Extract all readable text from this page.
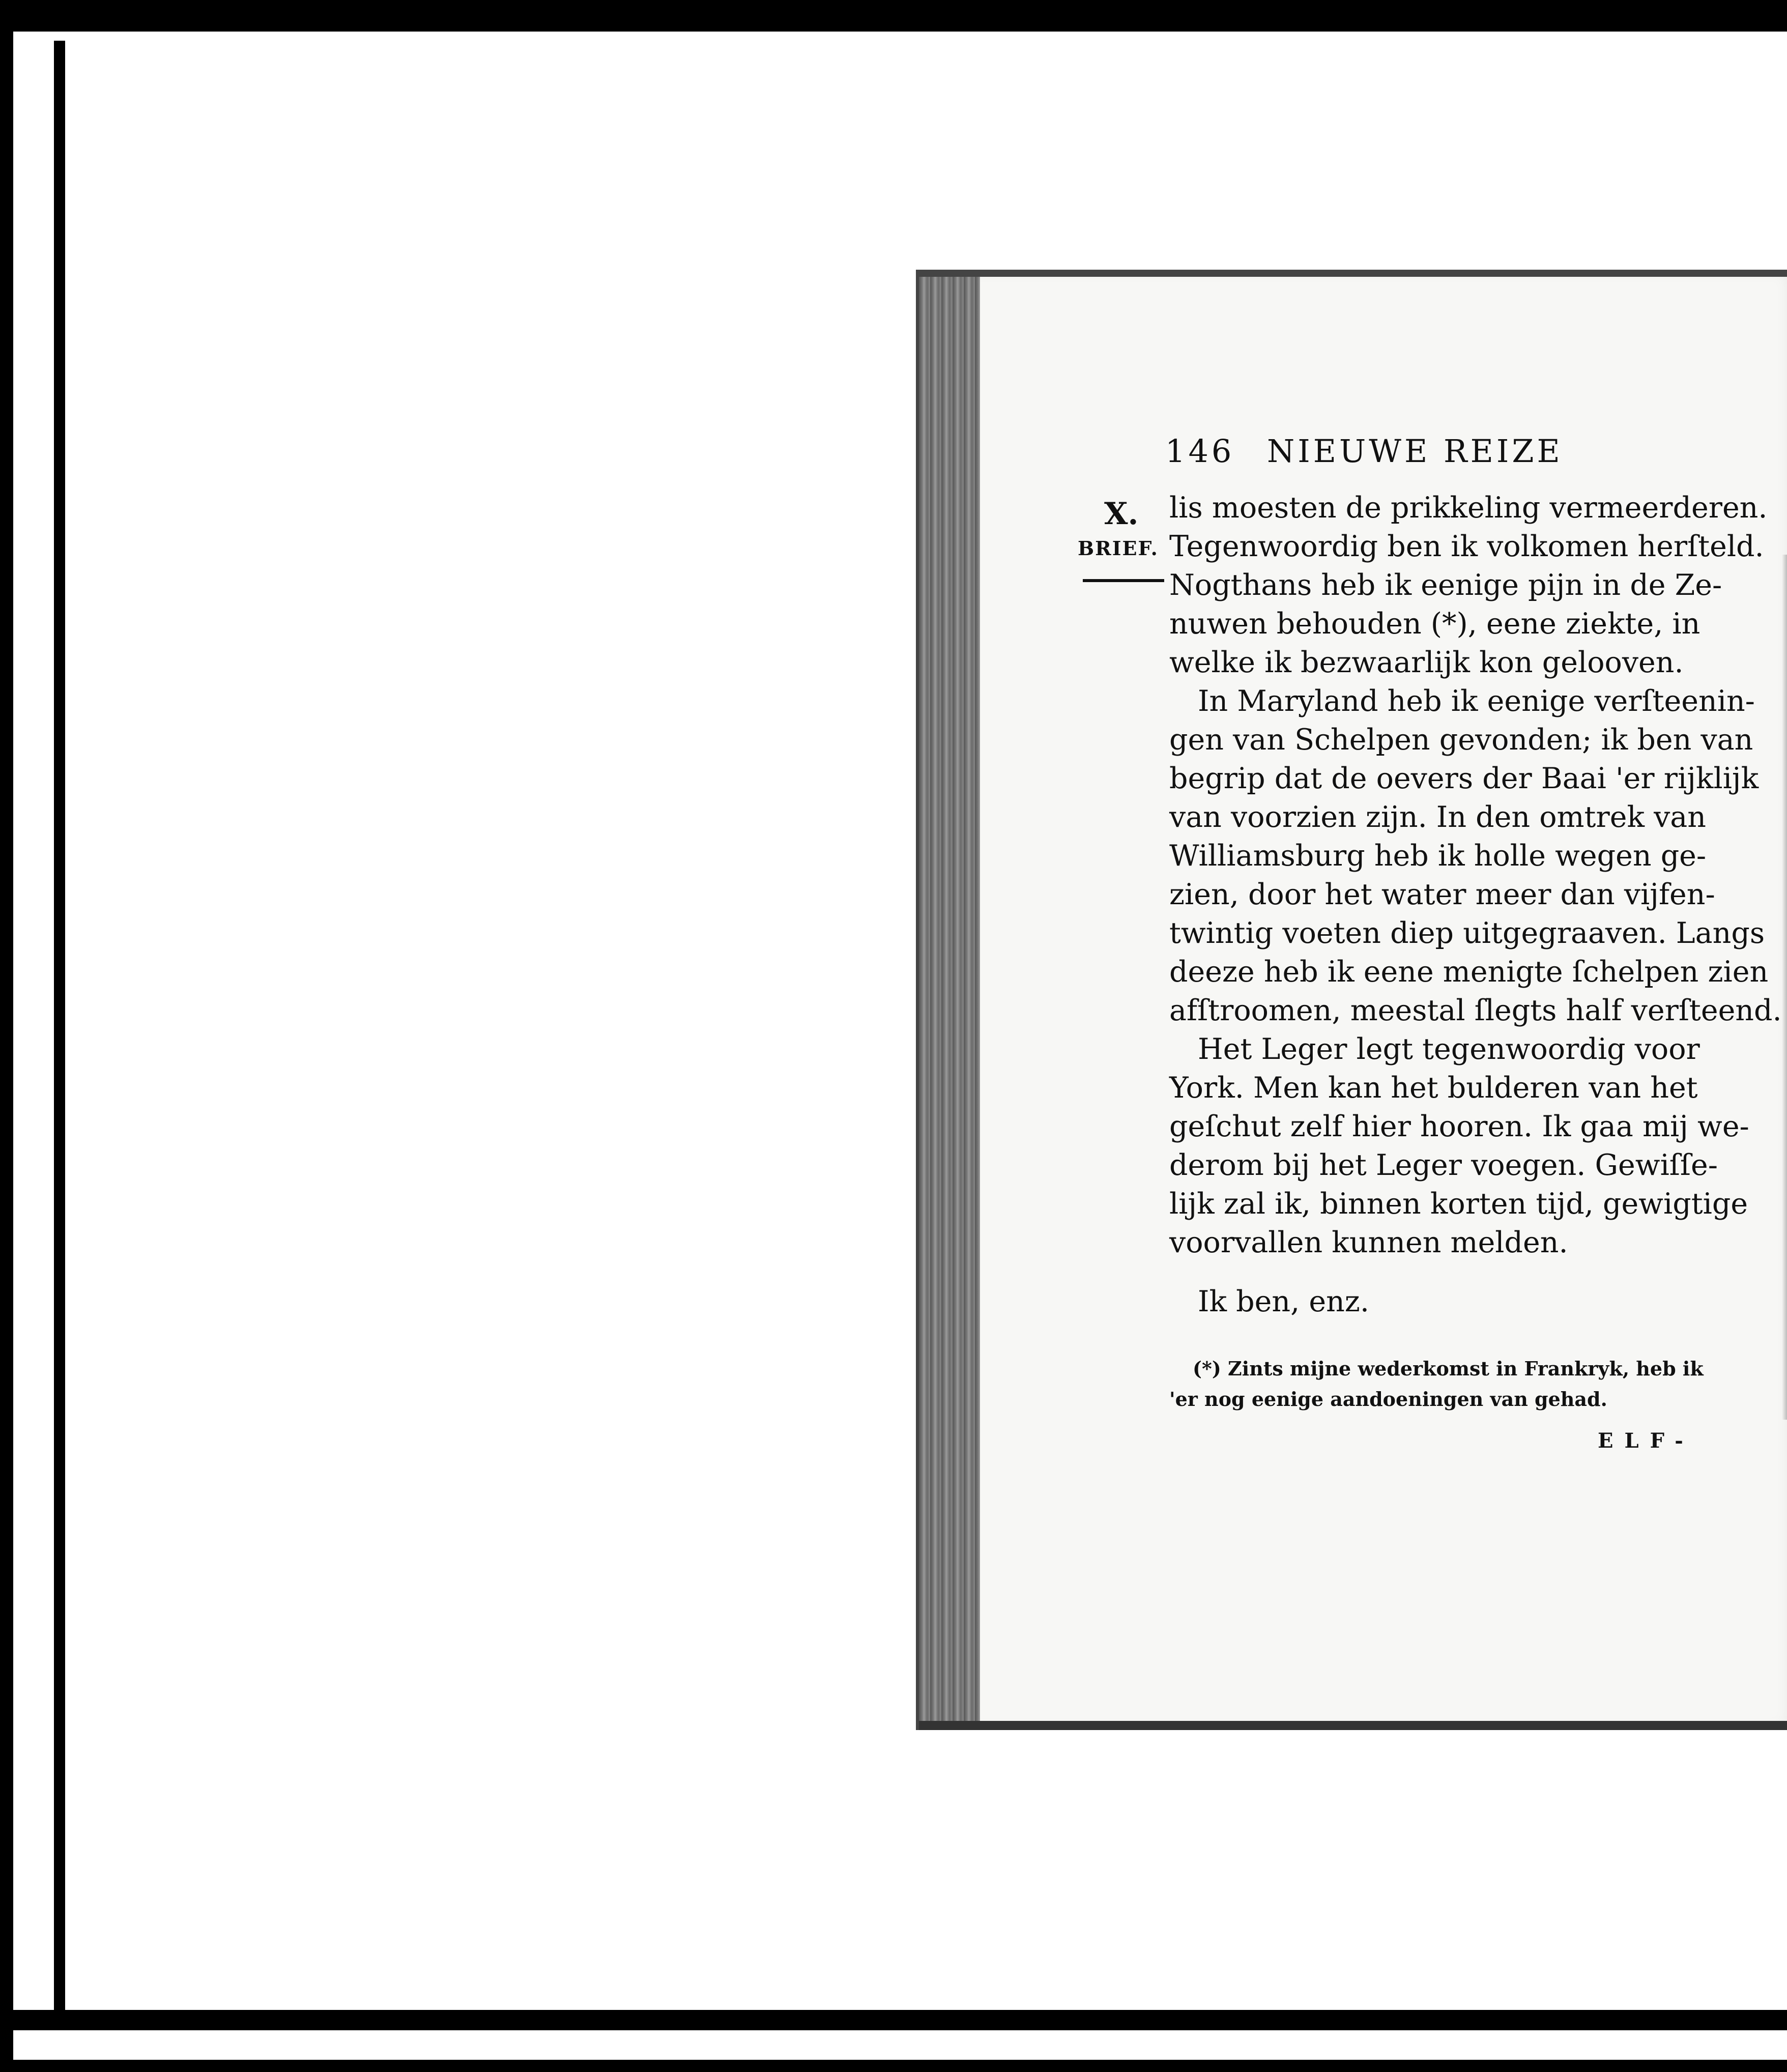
146 NIEUWE REIZE
X.
BRIEF.
lis moesten de prikkeling vermeerderen.
Tegenwoordig ben ik volkomen herſteld.
Nogthans heb ik eenige pijn in de Ze-
nuwen behouden (*), eene ziekte, in
welke ik bezwaarlijk kon gelooven.
In Maryland heb ik eenige verſteenin-
gen van Schelpen gevonden; ik ben van
begrip dat de oevers der Baai 'er rijklijk
van voorzien zijn. In den omtrek van
Williamsburg heb ik holle wegen ge-
zien, door het water meer dan vijfen-
twintig voeten diep uitgegraaven. Langs
deeze heb ik eene menigte ſchelpen zien
afſtroomen, meestal ſlegts half verſteend.
Het Leger legt tegenwoordig voor
York. Men kan het bulderen van het
geſchut zelf hier hooren. Ik gaa mij we-
derom bij het Leger voegen. Gewiſſe-
lijk zal ik, binnen korten tijd, gewigtige
voorvallen kunnen melden.
Ik ben, enz.
(*) Zints mijne wederkomst in Frankryk, heb ik
'er nog eenige aandoeningen van gehad.
ELF-
